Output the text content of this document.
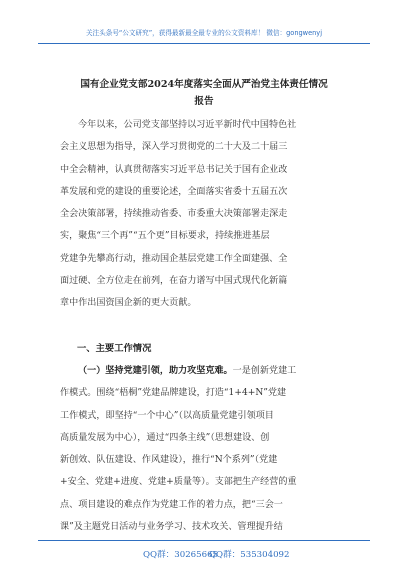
关注头条号“公文研究”，获得最新最全最专业的公文资料库！ 微信：gongwenyj
国有企业党支部2024年度落实全面从严治党主体责任情况
报告
今年以来，公司党支部坚持以习近平新时代中国特色社
会主义思想为指导，深入学习贯彻党的二十大及二十届三
中全会精神，认真贯彻落实习近平总书记关于国有企业改
革发展和党的建设的重要论述，全面落实省委十五届五次
全会决策部署，持续推动省委、市委重大决策部署走深走
实，聚焦“三个再”“五个更”目标要求，持续推进基层
党建争先攀高行动，推动国企基层党建工作全面建强、全
面过硬、全方位走在前列，在奋力谱写中国式现代化新篇
章中作出国资国企新的更大贡献。
一、主要工作情况
（一）坚持党建引领，助力攻坚克难。一是创新党建工
作模式。围绕“梧桐”党建品牌建设，打造“1+4+N”党建
工作模式，即坚持“一个中心”（以高质量党建引领项目
高质量发展为中心），通过“四条主线”（思想建设、创
新创效、队伍建设、作风建设），推行“N个系列”（党建
+安全、党建+进度、党建+质量等）。支部把生产经营的重
点、项目建设的难点作为党建工作的着力点，把“三会一
课”及主题党日活动与业务学习、技术攻关、管理提升结
QQ群：30265665
QQ群：535304092
